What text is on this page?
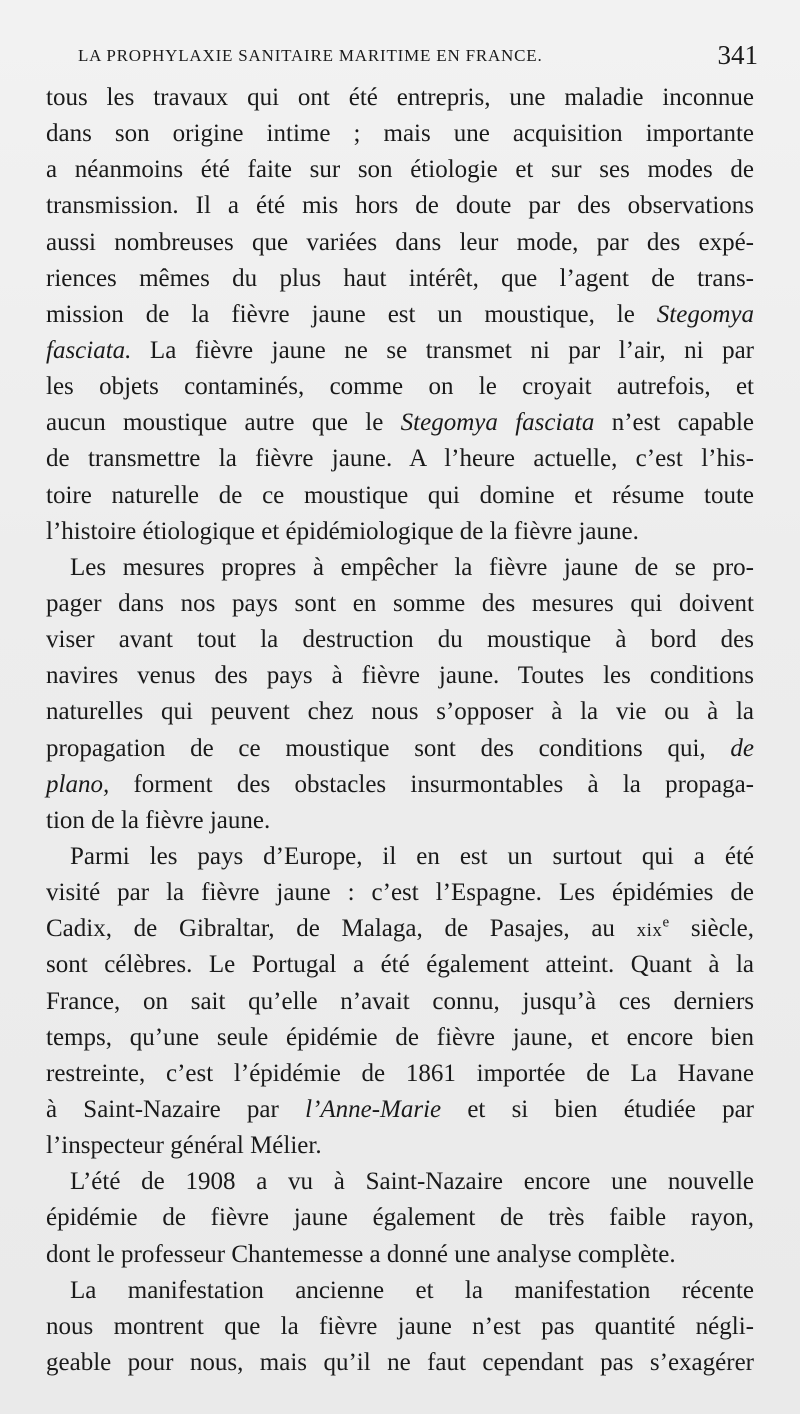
LA PROPHYLAXIE SANITAIRE MARITIME EN FRANCE.	341
tous les travaux qui ont été entrepris, une maladie inconnue
dans son origine intime ; mais une acquisition importante
a néanmoins été faite sur son étiologie et sur ses modes de
transmission. Il a été mis hors de doute par des observations
aussi nombreuses que variées dans leur mode, par des expé-
riences mêmes du plus haut intérêt, que l’agent de trans-
mission de la fièvre jaune est un moustique, le Stegomya
fasciata. La fièvre jaune ne se transmet ni par l’air, ni par
les objets contaminés, comme on le croyait autrefois, et
aucun moustique autre que le Stegomya fasciata n’est capable
de transmettre la fièvre jaune. A l’heure actuelle, c’est l’his-
toire naturelle de ce moustique qui domine et résume toute
l’histoire étiologique et épidémiologique de la fièvre jaune.
Les mesures propres à empêcher la fièvre jaune de se pro-
pager dans nos pays sont en somme des mesures qui doivent
viser avant tout la destruction du moustique à bord des
navires venus des pays à fièvre jaune. Toutes les conditions
naturelles qui peuvent chez nous s’opposer à la vie ou à la
propagation de ce moustique sont des conditions qui, de
plano, forment des obstacles insurmontables à la propaga-
tion de la fièvre jaune.
Parmi les pays d’Europe, il en est un surtout qui a été
visité par la fièvre jaune : c’est l’Espagne. Les épidémies de
Cadix, de Gibraltar, de Malaga, de Pasajes, au xix$^e$ siècle,
sont célèbres. Le Portugal a été également atteint. Quant à la
France, on sait qu’elle n’avait connu, jusqu’à ces derniers
temps, qu’une seule épidémie de fièvre jaune, et encore bien
restreinte, c’est l’épidémie de 1861 importée de La Havane
à Saint-Nazaire par l’Anne-Marie et si bien étudiée par
l’inspecteur général Mélier.
L’été de 1908 a vu à Saint-Nazaire encore une nouvelle
épidémie de fièvre jaune également de très faible rayon,
dont le professeur Chantemesse a donné une analyse complète.
La manifestation ancienne et la manifestation récente
nous montrent que la fièvre jaune n’est pas quantité négli-
geable pour nous, mais qu’il ne faut cependant pas s’exagérer
